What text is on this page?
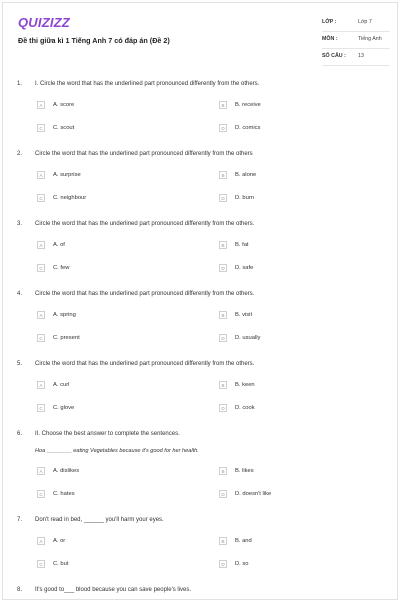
QUIZIZZ
Đề thi giữa kì 1 Tiếng Anh 7 có đáp án (Đề 2)
LỚP :	Lớp 7
MÔN :	Tiếng Anh
SỐ CÂU : 13
1. I. Circle the word that has the underlined part pronounced differently from the others.
A	A. score	B	B. receive
C	C. scout	D	D. comics
2. Circle the word that has the underlined part pronounced differently from the others
A	A. surprise	B	B. alone
C	C. neighbour	D	D. burn
3. Circle the word that has the underlined part pronounced differently from the others.
A	A. of	B	B. fat
C	C. few	D	D. safe
4. Circle the word that has the underlined part pronounced differently from the others.
A	A. spring	B	B. visit
C	C. present	D	D. usually
5. Circle the word that has the underlined part pronounced differently from the others.
A	A. curl	B	B. keen
C	C. glove	D	D. cook
6. II. Choose the best answer to complete the sentences.
Hoa ________ eating Vegetables because it's good for her health.
A	A. dislikes	B	B. likes
C	C. hates	D	D. doesn't like
7. Don't read in bed, ______ you'll harm your eyes.
A	A. or	B	B. and
C	C. but	D	D. so
8. It's good to___ blood because you can save people's lives.
